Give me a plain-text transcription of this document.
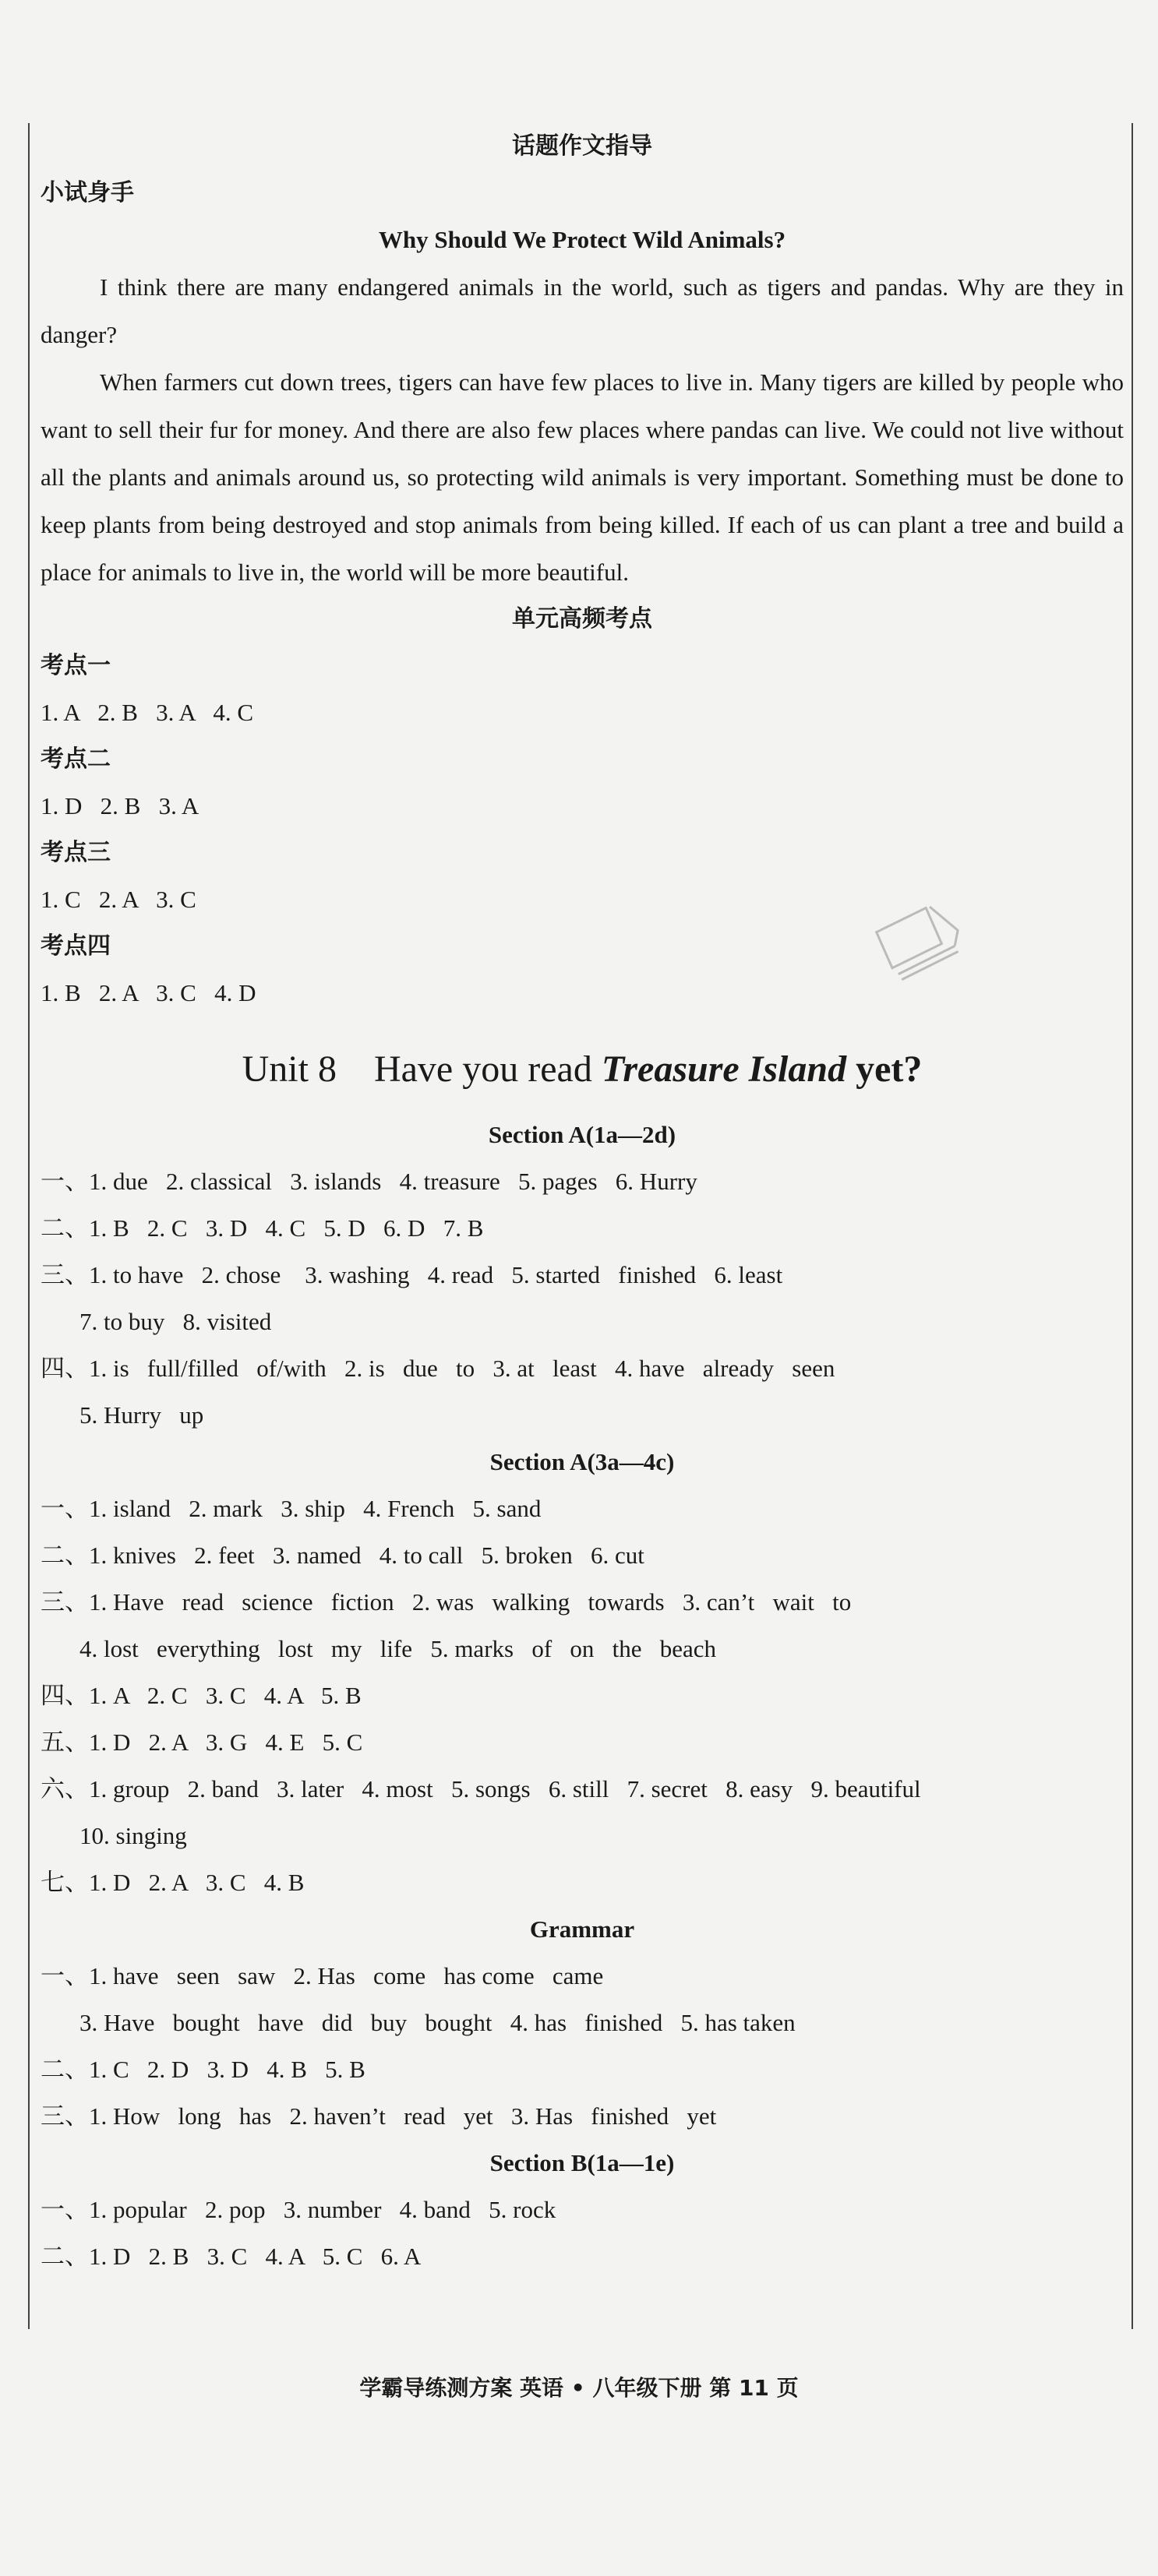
话题作文指导
小试身手
Why Should We Protect Wild Animals?
I think there are many endangered animals in the world, such as tigers and pandas. Why are they in danger?
When farmers cut down trees, tigers can have few places to live in. Many tigers are killed by people who want to sell their fur for money. And there are also few places where pandas can live. We could not live without all the plants and animals around us, so protecting wild animals is very important. Something must be done to keep plants from being destroyed and stop animals from being killed. If each of us can plant a tree and build a place for animals to live in, the world will be more beautiful.
单元高频考点
考点一
1. A   2. B   3. A   4. C
考点二
1. D   2. B   3. A
考点三
1. C   2. A   3. C
考点四
1. B   2. A   3. C   4. D
Unit 8    Have you read Treasure Island yet?
Section A(1a—2d)
一、1. due   2. classical   3. islands   4. treasure   5. pages   6. Hurry
二、1. B   2. C   3. D   4. C   5. D   6. D   7. B
三、1. to have   2. chose    3. washing   4. read   5. started   finished   6. least
7. to buy   8. visited
四、1. is   full/filled   of/with   2. is   due   to   3. at   least   4. have   already   seen
5. Hurry   up
Section A(3a—4c)
一、1. island   2. mark   3. ship   4. French   5. sand
二、1. knives   2. feet   3. named   4. to call   5. broken   6. cut
三、1. Have   read   science   fiction   2. was   walking   towards   3. can’t   wait   to
4. lost   everything   lost   my   life   5. marks   of   on   the   beach
四、1. A   2. C   3. C   4. A   5. B
五、1. D   2. A   3. G   4. E   5. C
六、1. group   2. band   3. later   4. most   5. songs   6. still   7. secret   8. easy   9. beautiful
10. singing
七、1. D   2. A   3. C   4. B
Grammar
一、1. have   seen   saw   2. Has   come   has come   came
3. Have   bought   have   did   buy   bought   4. has   finished   5. has taken
二、1. C   2. D   3. D   4. B   5. B
三、1. How   long   has   2. haven’t   read   yet   3. Has   finished   yet
Section B(1a—1e)
一、1. popular   2. pop   3. number   4. band   5. rock
二、1. D   2. B   3. C   4. A   5. C   6. A
学霸导练测方案 英语 • 八年级下册 第 11 页
